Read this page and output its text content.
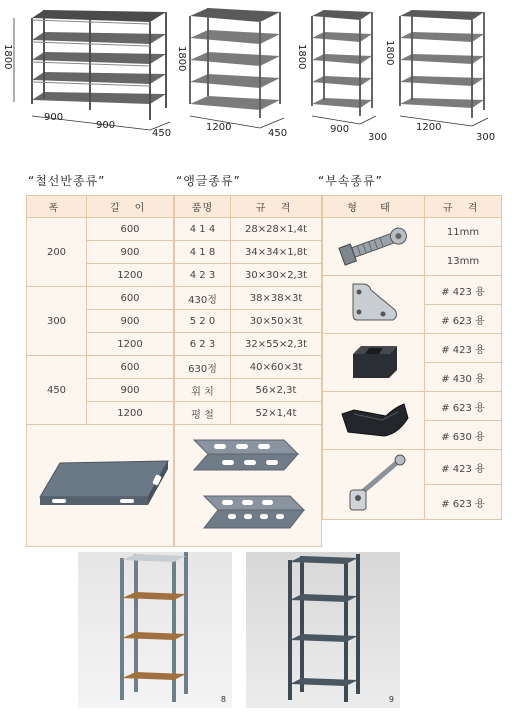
1800
900
900
450
1800
1200
450
1800
900
300
1800
1200
300
“철선반종류”	“앵글종류”	“부속종류”
폭	길 이
200	600
	900
	1200
300	600
	900
	1200
450	600
	900
	1200

품명	규 격
4 1 4	28×28×1,4t
4 1 8	34×34×1,8t
4 2 3	30×30×2,3t
430정	38×38×3t
5 2 0	30×50×3t
6 2 3	32×55×2,3t
630정	40×60×3t
휘 치	56×2,3t
평 철	52×1,4t

형 태	규 격
	11mm
	13mm
	# 423 용
	# 623 용
	# 423 용
	# 430 용
	# 623 용
	# 630 용
	# 423 용
	# 623 용
8	9
